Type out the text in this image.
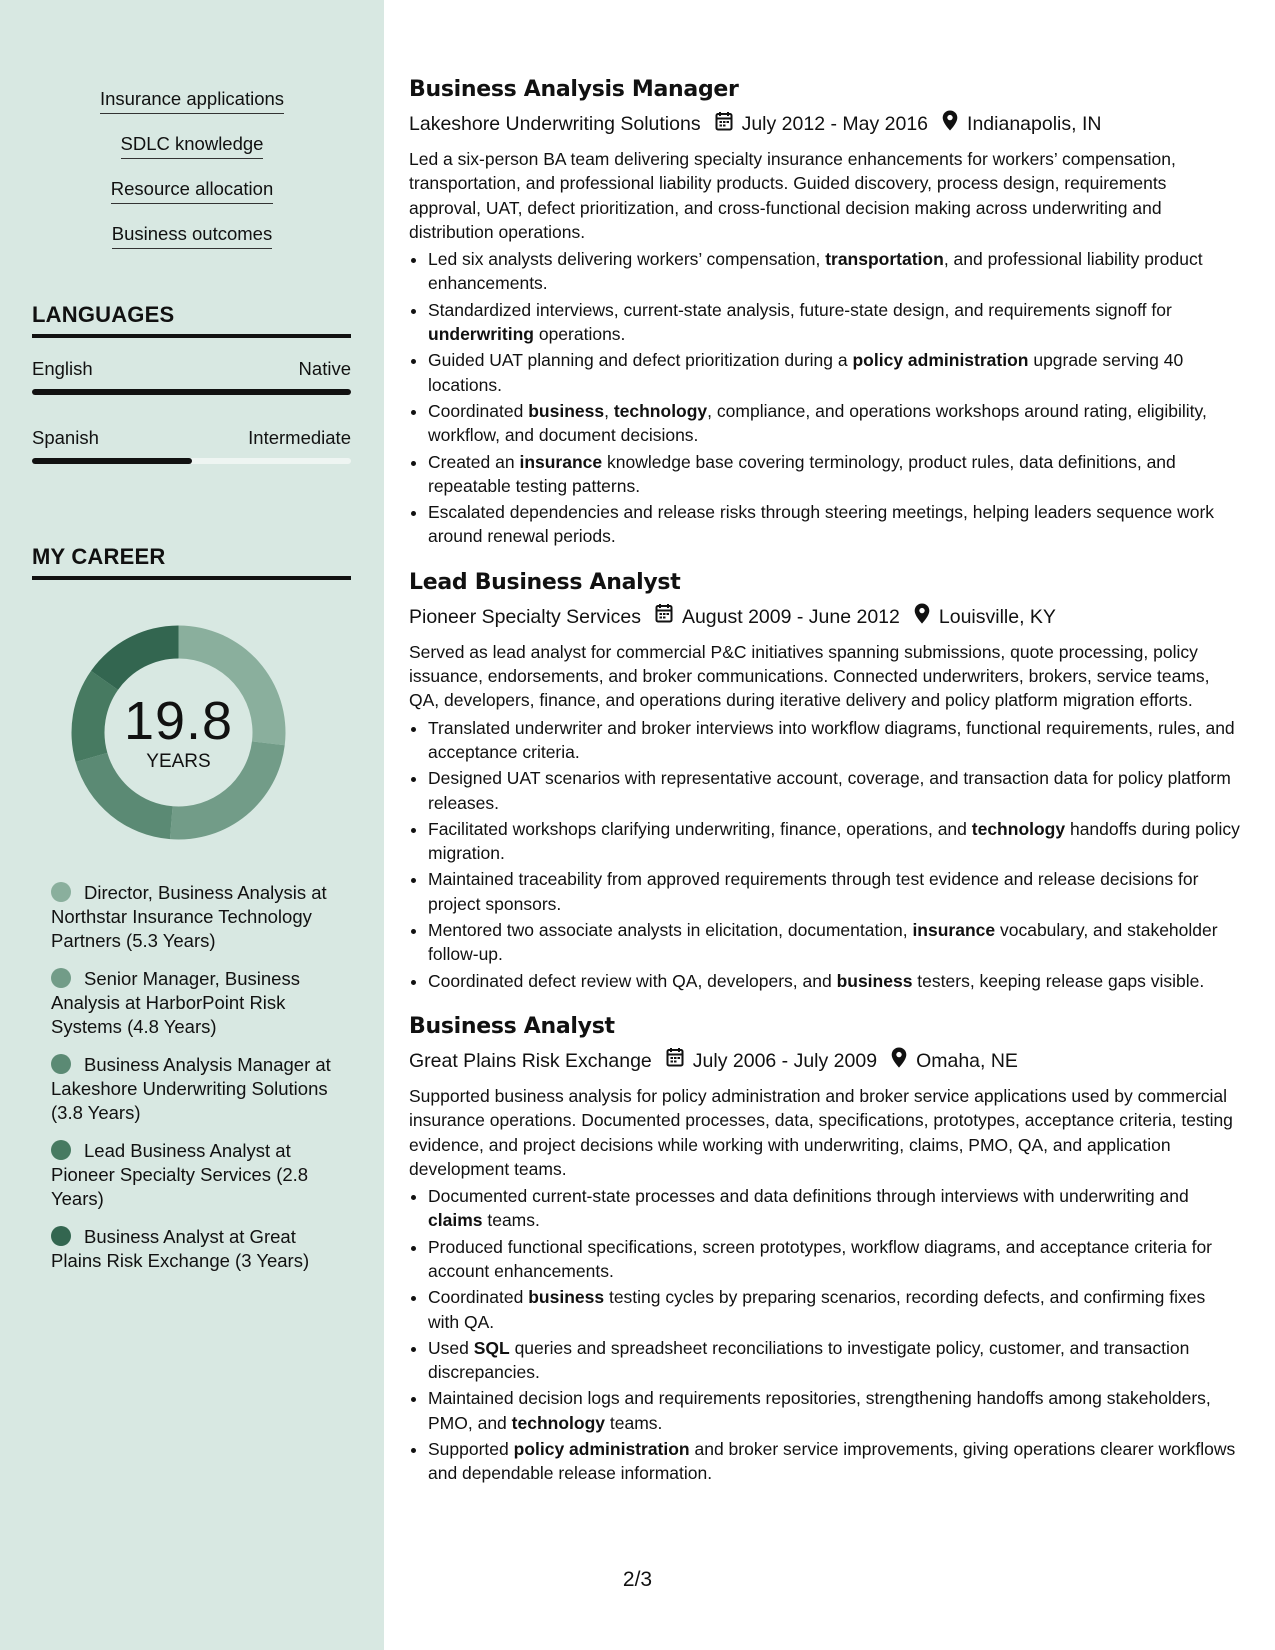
Insurance applications
SDLC knowledge
Resource allocation
Business outcomes
LANGUAGES
English	Native
Spanish	Intermediate
MY CAREER
19.8
YEARS
Director, Business Analysis at Northstar Insurance Technology Partners (5.3 Years)
Senior Manager, Business Analysis at HarborPoint Risk Systems (4.8 Years)
Business Analysis Manager at Lakeshore Underwriting Solutions (3.8 Years)
Lead Business Analyst at Pioneer Specialty Services (2.8 Years)
Business Analyst at Great Plains Risk Exchange (3 Years)
Business Analysis Manager
Lakeshore Underwriting Solutions July 2012 - May 2016 Indianapolis, IN
Led a six-person BA team delivering specialty insurance enhancements for workers’ compensation, transportation, and professional liability products. Guided discovery, process design, requirements approval, UAT, defect prioritization, and cross-functional decision making across underwriting and distribution operations.
• Led six analysts delivering workers’ compensation, transportation, and professional liability product enhancements.
• Standardized interviews, current-state analysis, future-state design, and requirements signoff for underwriting operations.
• Guided UAT planning and defect prioritization during a policy administration upgrade serving 40 locations.
• Coordinated business, technology, compliance, and operations workshops around rating, eligibility, workflow, and document decisions.
• Created an insurance knowledge base covering terminology, product rules, data definitions, and repeatable testing patterns.
• Escalated dependencies and release risks through steering meetings, helping leaders sequence work around renewal periods.
Lead Business Analyst
Pioneer Specialty Services August 2009 - June 2012 Louisville, KY
Served as lead analyst for commercial P&C initiatives spanning submissions, quote processing, policy issuance, endorsements, and broker communications. Connected underwriters, brokers, service teams, QA, developers, finance, and operations during iterative delivery and policy platform migration efforts.
• Translated underwriter and broker interviews into workflow diagrams, functional requirements, rules, and acceptance criteria.
• Designed UAT scenarios with representative account, coverage, and transaction data for policy platform releases.
• Facilitated workshops clarifying underwriting, finance, operations, and technology handoffs during policy migration.
• Maintained traceability from approved requirements through test evidence and release decisions for project sponsors.
• Mentored two associate analysts in elicitation, documentation, insurance vocabulary, and stakeholder follow-up.
• Coordinated defect review with QA, developers, and business testers, keeping release gaps visible.
Business Analyst
Great Plains Risk Exchange July 2006 - July 2009 Omaha, NE
Supported business analysis for policy administration and broker service applications used by commercial insurance operations. Documented processes, data, specifications, prototypes, acceptance criteria, testing evidence, and project decisions while working with underwriting, claims, PMO, QA, and application development teams.
• Documented current-state processes and data definitions through interviews with underwriting and claims teams.
• Produced functional specifications, screen prototypes, workflow diagrams, and acceptance criteria for account enhancements.
• Coordinated business testing cycles by preparing scenarios, recording defects, and confirming fixes with QA.
• Used SQL queries and spreadsheet reconciliations to investigate policy, customer, and transaction discrepancies.
• Maintained decision logs and requirements repositories, strengthening handoffs among stakeholders, PMO, and technology teams.
• Supported policy administration and broker service improvements, giving operations clearer workflows and dependable release information.
2/3
